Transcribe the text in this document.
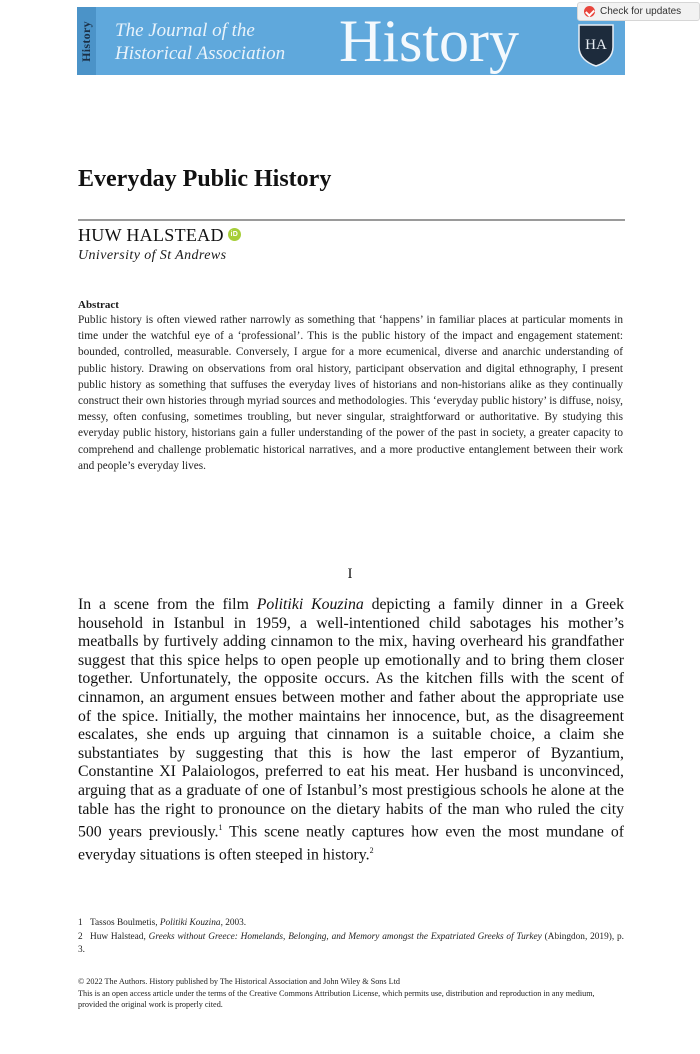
History The Journal of the
Historical Association History	HA
Check for updates
Everyday Public History
HUW HALSTEAD iD
University of St Andrews
Abstract

Public history is often viewed rather narrowly as something that ‘happens’ in familiar places at particular moments in time under the watchful eye of a ‘professional’. This is the public history of the impact and engagement statement: bounded, controlled, measurable. Conversely, I argue for a more ecumenical, diverse and anarchic understanding of public history. Drawing on observations from oral history, participant observation and digital ethnography, I present public history as something that suffuses the everyday lives of historians and non-historians alike as they continually construct their own histories through myriad sources and methodologies. This ‘everyday public history’ is diffuse, noisy, messy, often confusing, sometimes troubling, but never singular, straightforward or authoritative. By studying this everyday public history, historians gain a fuller understanding of the power of the past in society, a greater capacity to comprehend and challenge problematic historical narratives, and a more productive entanglement between their work and people’s everyday lives.

I

In a scene from the film Politiki Kouzina depicting a family dinner in a Greek household in Istanbul in 1959, a well-intentioned child sabotages his mother’s meatballs by furtively adding cinnamon to the mix, having overheard his grandfather suggest that this spice helps to open people up emotionally and to bring them closer together. Unfortunately, the opposite occurs. As the kitchen fills with the scent of cinnamon, an argument ensues between mother and father about the appropriate use of the spice. Initially, the mother maintains her innocence, but, as the disagreement escalates, she ends up arguing that cinnamon is a suitable choice, a claim she substantiates by suggesting that this is how the last emperor of Byzantium, Constantine XI Palaiologos, preferred to eat his meat. Her husband is unconvinced, arguing that as a graduate of one of Istanbul’s most prestigious schools he alone at the table has the right to pronounce on the dietary habits of the man who ruled the city 500 years previously.$^1$ This scene neatly captures how even the most mundane of everyday situations is often steeped in history.$^2$

1 Tassos Boulmetis, Politiki Kouzina, 2003.

2 Huw Halstead, Greeks without Greece: Homelands, Belonging, and Memory amongst the Expatriated Greeks of Turkey (Abingdon, 2019), p. 3.

© 2022 The Authors. History published by The Historical Association and John Wiley & Sons Ltd
This is an open access article under the terms of the Creative Commons Attribution License, which permits use, distribution and reproduction in any medium, provided the original work is properly cited.
